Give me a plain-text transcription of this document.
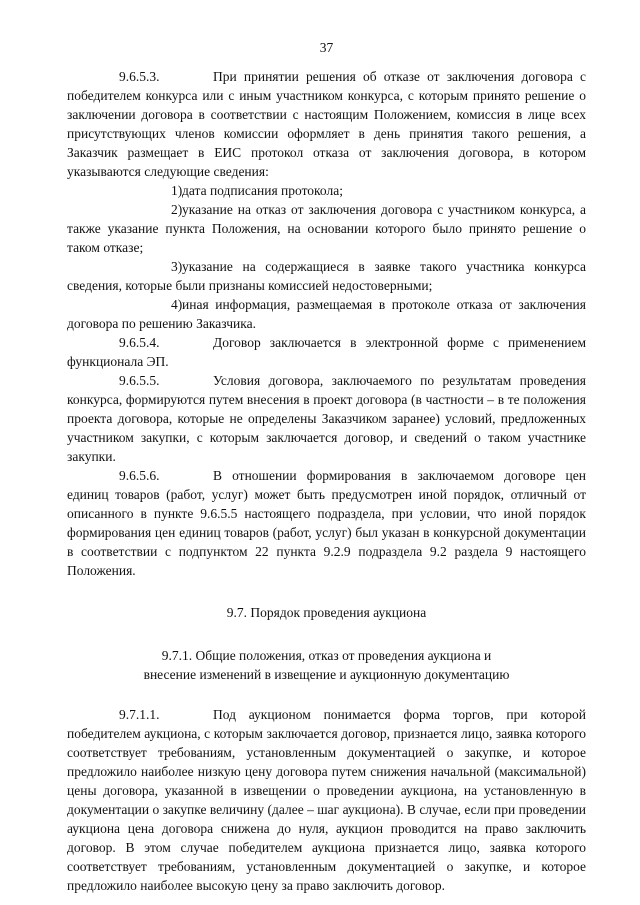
37

9.6.5.3.	При принятии решения об отказе от заключения договора с победителем конкурса или с иным участником конкурса, с которым принято решение о заключении договора в соответствии с настоящим Положением, комиссия в лице всех присутствующих членов комиссии оформляет в день принятия такого решения, а Заказчик размещает в ЕИС протокол отказа от заключения договора, в котором указываются следующие сведения:

1)дата подписания протокола;

2)указание на отказ от заключения договора с участником конкурса, а также указание пункта Положения, на основании которого было принято решение о таком отказе;

3)указание на содержащиеся в заявке такого участника конкурса сведения, которые были признаны комиссией недостоверными;

4)иная информация, размещаемая в протоколе отказа от заключения договора по решению Заказчика.

9.6.5.4.	Договор заключается в электронной форме с применением функционала ЭП.

9.6.5.5.	Условия договора, заключаемого по результатам проведения конкурса, формируются путем внесения в проект договора (в частности – в те положения проекта договора, которые не определены Заказчиком заранее) условий, предложенных участником закупки, с которым заключается договор, и сведений о таком участнике закупки.

9.6.5.6.	В отношении формирования в заключаемом договоре цен единиц товаров (работ, услуг) может быть предусмотрен иной порядок, отличный от описанного в пункте 9.6.5.5 настоящего подраздела, при условии, что иной порядок формирования цен единиц товаров (работ, услуг) был указан в конкурсной документации в соответствии с подпунктом 22 пункта 9.2.9 подраздела 9.2 раздела 9 настоящего Положения.

9.7. Порядок проведения аукциона
9.7.1. Общие положения, отказ от проведения аукциона и
внесение изменений в извещение и аукционную документацию

9.7.1.1.	Под аукционом понимается форма торгов, при которой победителем аукциона, с которым заключается договор, признается лицо, заявка которого соответствует требованиям, установленным документацией о закупке, и которое предложило наиболее низкую цену договора путем снижения начальной (максимальной) цены договора, указанной в извещении о проведении аукциона, на установленную в документации о закупке величину (далее – шаг аукциона). В случае, если при проведении аукциона цена договора снижена до нуля, аукцион проводится на право заключить договор. В этом случае победителем аукциона признается лицо, заявка которого соответствует требованиям, установленным документацией о закупке, и которое предложило наиболее высокую цену за право заключить договор.
